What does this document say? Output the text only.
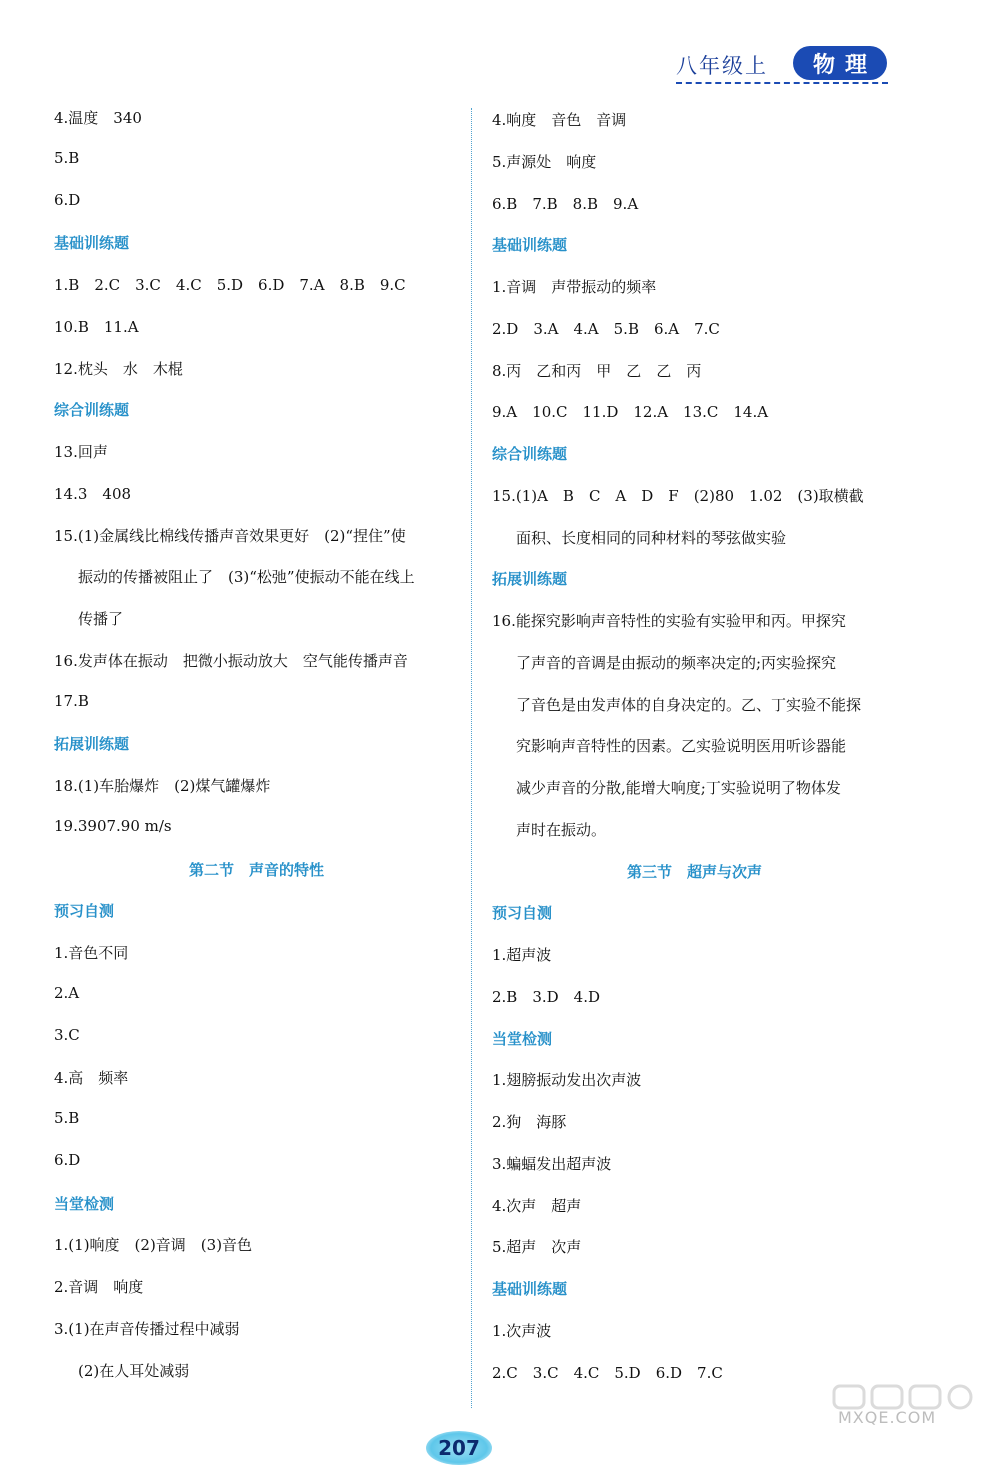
八年级上	物理
4.温度　340
5.B
6.D
基础训练题
1.B　2.C　3.C　4.C　5.D　6.D　7.A　8.B　9.C
10.B　11.A
12.枕头　水　木棍
综合训练题
13.回声
14.3　408
15.(1)金属线比棉线传播声音效果更好　(2)“捏住”使
振动的传播被阻止了　(3)“松弛”使振动不能在线上
传播了
16.发声体在振动　把微小振动放大　空气能传播声音
17.B
拓展训练题
18.(1)车胎爆炸　(2)煤气罐爆炸
19.3907.90 m/s
第二节　声音的特性
预习自测
1.音色不同
2.A
3.C
4.高　频率
5.B
6.D
当堂检测
1.(1)响度　(2)音调　(3)音色
2.音调　响度
3.(1)在声音传播过程中减弱
(2)在人耳处减弱
4.响度　音色　音调
5.声源处　响度
6.B　7.B　8.B　9.A
基础训练题
1.音调　声带振动的频率
2.D　3.A　4.A　5.B　6.A　7.C
8.丙　乙和丙　甲　乙　乙　丙
9.A　10.C　11.D　12.A　13.C　14.A
综合训练题
15.(1)A　B　C　A　D　F　(2)80　1.02　(3)取横截
面积、长度相同的同种材料的琴弦做实验
拓展训练题
16.能探究影响声音特性的实验有实验甲和丙。甲探究
了声音的音调是由振动的频率决定的;丙实验探究
了音色是由发声体的自身决定的。乙、丁实验不能探
究影响声音特性的因素。乙实验说明医用听诊器能
减少声音的分散,能增大响度;丁实验说明了物体发
声时在振动。
第三节　超声与次声
预习自测
1.超声波
2.B　3.D　4.D
当堂检测
1.翅膀振动发出次声波
2.狗　海豚
3.蝙蝠发出超声波
4.次声　超声
5.超声　次声
基础训练题
1.次声波
2.C　3.C　4.C　5.D　6.D　7.C
207
MXQE.COM
